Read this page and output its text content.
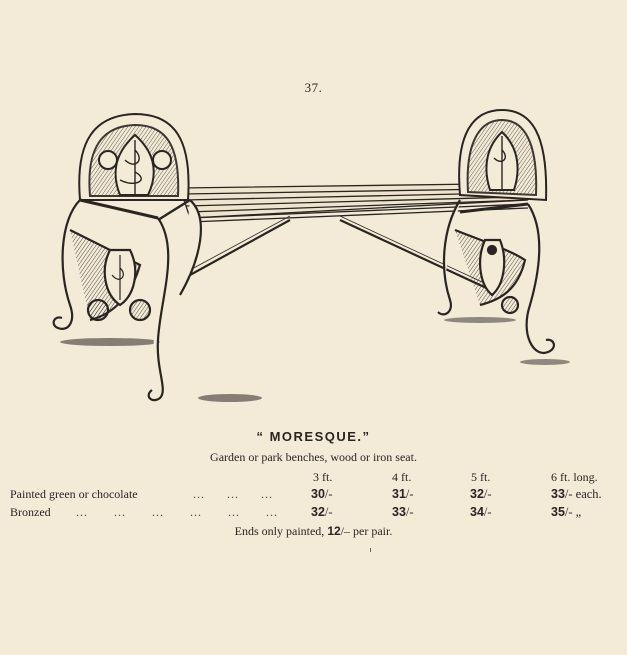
37.
“ MORESQUE.”
Garden or park benches, wood or iron seat.
3 ft.	4 ft.	5 ft.	6 ft. long.
Painted green or chocolate	... ... ...	30/-	31/-	32/-	33/- each.
Bronzed ... ... ... ... ... ...	32/-	33/-	34/-	35/- „
Ends only painted, 12/– per pair.
